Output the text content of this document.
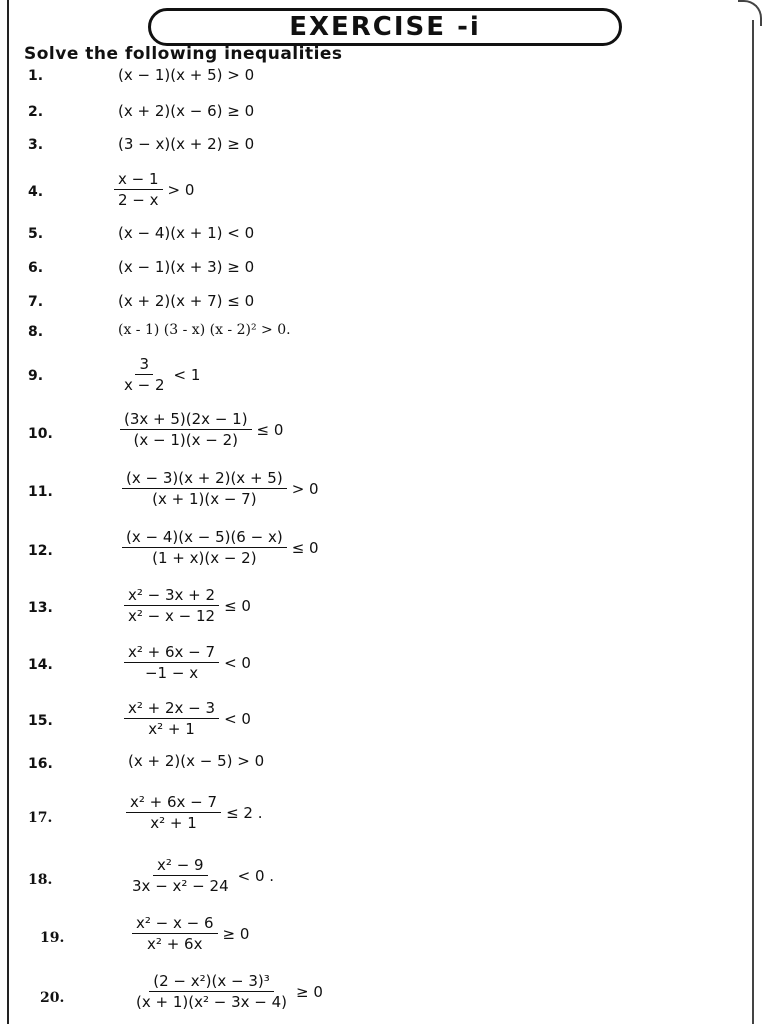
EXERCISE -i
Solve the following inequalities
1.	(x − 1)(x + 5) > 0
2.	(x + 2)(x − 6) ≥ 0
3.	(3 − x)(x + 2) ≥ 0
4.	$\frac{x - 1}{2 - x} > 0$
5.	(x − 4)(x + 1) < 0
6.	(x − 1)(x + 3) ≥ 0
7.	(x + 2)(x + 7) ≤ 0
8.	(x - 1) (3 - x) (x - 2)² > 0.
9.	$\frac{3}{x - 2} < 1$
10.	$\frac{(3x + 5)(2x - 1)}{(x - 1)(x - 2)} \le 0$
11.	$\frac{(x - 3)(x + 2)(x + 5)}{(x + 1)(x - 7)} > 0$
12.	$\frac{(x - 4)(x - 5)(6 - x)}{(1 + x)(x - 2)} \le 0$
13.	$\frac{\text{x² − 3x + 2}}{\text{x² − x − 12}} \le 0$
14.	$\frac{\text{x² + 6x − 7}}{-1 - x} < 0$
15.	$\frac{\text{x² + 2x − 3}}{\text{x² + 1}} < 0$
16.	(x + 2)(x − 5) > 0
17.	$\frac{\text{x² + 6x − 7}}{\text{x² + 1}} \le 2$ .
18.	$\frac{\text{x² − 9}}{\text{3x − x² − 24}} < 0$ .
19.	$\frac{\text{x² − x − 6}}{\text{x² + 6x}} \ge 0$
20.	$\frac{\text{(2 − x²)(x − 3)³}}{\text{(x + 1)(x² − 3x − 4)}} \ge 0$
